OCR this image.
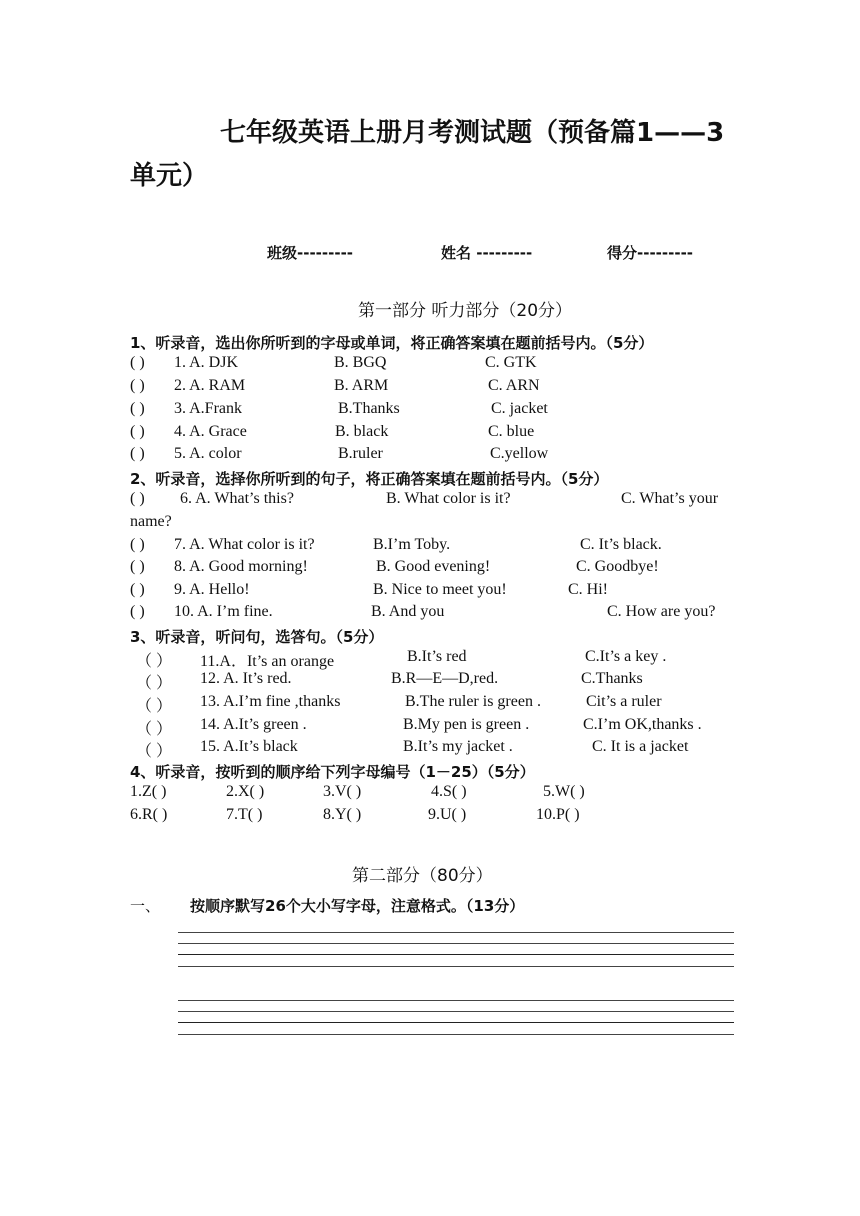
七年级英语上册月考测试题（预备篇1——3
单元）
班级---------	姓名 ---------	得分---------
第一部分 听力部分（20分）
1、听录音，选出你所听到的字母或单词，将正确答案填在题前括号内。（5分）
( ) 1. A. DJK	B. BGQ	C. GTK
( ) 2. A. RAM	B. ARM	C. ARN
( ) 3. A.Frank	B.Thanks	C. jacket
( ) 4. A. Grace	B. black	C. blue
( ) 5. A. color	B.ruler	C.yellow
2、听录音，选择你所听到的句子，将正确答案填在题前括号内。（5分）
( ) 6. A. What’s this?	B. What color is it?	C. What’s your
name?
( ) 7. A. What color is it?	B.I’m Toby.	C. It’s black.
( ) 8. A. Good morning!	B. Good evening!	C. Goodbye!
( ) 9. A. Hello!	B. Nice to meet you!	C. Hi!
( ) 10. A. I’m fine.	B. And you	C. How are you?
3、听录音，听问句，选答句。（5分）
（ ） 11.A．It’s an orange	B.It’s red	C.It’s a key .
（ ） 12. A. It’s red.	B.R—E—D,red.	C.Thanks
（ ） 13. A.I’m fine ,thanks	B.The ruler is green .	Cit’s a ruler
（ ） 14. A.It’s green .	B.My pen is green .	C.I’m OK,thanks .
（ ） 15. A.It’s black	B.It’s my jacket .	C. It is a jacket
4、听录音，按听到的顺序给下列字母编号（1－25）（5分）
1.Z( )	2.X( )	3.V( )	4.S( )	5.W( )
6.R( )	7.T( )	8.Y( )	9.U( )	10.P( )
第二部分（80分）
一、 按顺序默写26个大小写字母，注意格式。（13分）
